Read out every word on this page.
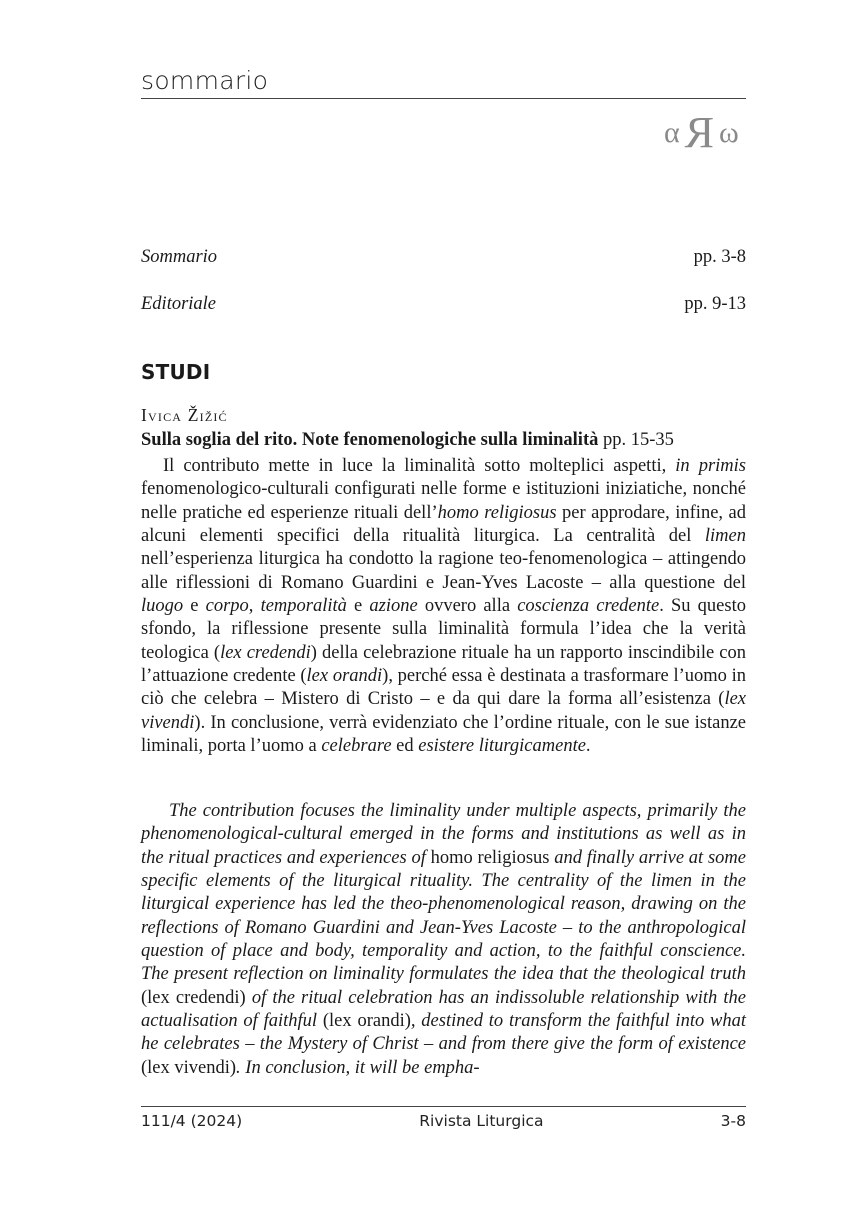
sommario
α R ω
Sommario	pp. 3-8
Editoriale	pp. 9-13
STUDI
Ivica Žižić
Sulla soglia del rito. Note fenomenologiche sulla liminalità pp. 15-35
Il contributo mette in luce la liminalità sotto molteplici aspetti, in primis fenomenologico-culturali configurati nelle forme e istituzioni iniziatiche, nonché nelle pratiche ed esperienze rituali dell’homo religiosus per approdare, infine, ad alcuni elementi specifici della ritualità liturgica. La centralità del limen nell’esperienza liturgica ha condotto la ragione teo-fenomenologica – attingendo alle riflessioni di Romano Guardini e Jean-Yves Lacoste – alla questione del luogo e corpo, temporalità e azione ovvero alla coscienza credente. Su questo sfondo, la riflessione presente sulla liminalità formula l’idea che la verità teologica (lex credendi) della celebrazione rituale ha un rapporto inscindibile con l’attuazione credente (lex orandi), perché essa è destinata a trasformare l’uomo in ciò che celebra – Mistero di Cristo – e da qui dare la forma all’esistenza (lex vivendi). In conclusione, verrà evidenziato che l’ordine rituale, con le sue istanze liminali, porta l’uomo a celebrare ed esistere liturgicamente.
The contribution focuses the liminality under multiple aspects, primarily the phenomenological-cultural emerged in the forms and institutions as well as in the ritual practices and experiences of homo religiosus and finally arrive at some specific elements of the liturgical rituality. The centrality of the limen in the liturgical experience has led the theo-phenomenological reason, drawing on the reflections of Romano Guardini and Jean-Yves Lacoste – to the anthropological question of place and body, temporality and action, to the faithful conscience. The present reflection on liminality formulates the idea that the theological truth (lex credendi) of the ritual celebration has an indissoluble relationship with the actualisation of faithful (lex orandi), destined to transform the faithful into what he celebrates – the Mystery of Christ – and from there give the form of existence (lex vivendi). In conclusion, it will be empha-
111/4 (2024)	Rivista Liturgica	3-8
